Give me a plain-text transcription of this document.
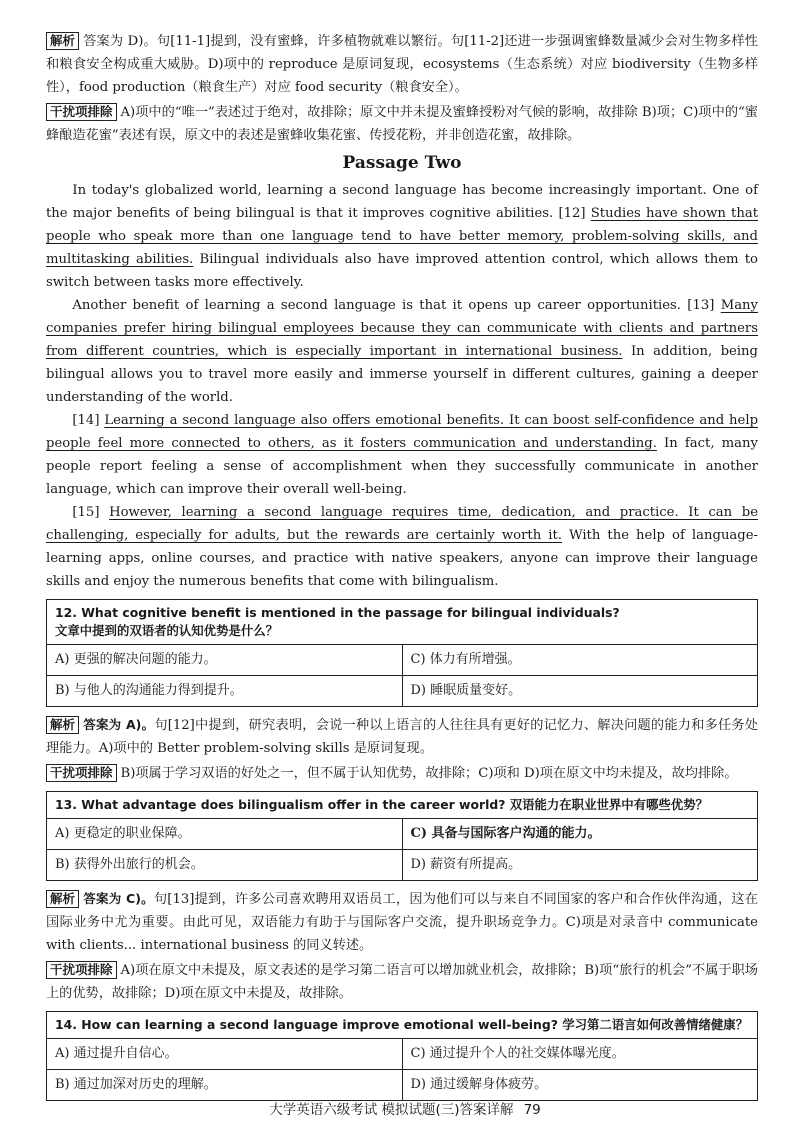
解析 答案为 D)。句[11-1]提到，没有蜜蜂，许多植物就难以繁衍。句[11-2]还进一步强调蜜蜂数量减少会对生物多样性和粮食安全构成重大威胁。D)项中的 reproduce 是原词复现，ecosystems（生态系统）对应 biodiversity（生物多样性），food production（粮食生产）对应 food security（粮食安全）。

干扰项排除 A)项中的“唯一”表述过于绝对，故排除；原文中并未提及蜜蜂授粉对气候的影响，故排除 B)项；C)项中的“蜜蜂酿造花蜜”表述有误，原文中的表述是蜜蜂收集花蜜、传授花粉，并非创造花蜜，故排除。

Passage Two

In today's globalized world, learning a second language has become increasingly important. One of the major benefits of being bilingual is that it improves cognitive abilities. [12] Studies have shown that people who speak more than one language tend to have better memory, problem-solving skills, and multitasking abilities. Bilingual individuals also have improved attention control, which allows them to switch between tasks more effectively.

Another benefit of learning a second language is that it opens up career opportunities. [13] Many companies prefer hiring bilingual employees because they can communicate with clients and partners from different countries, which is especially important in international business. In addition, being bilingual allows you to travel more easily and immerse yourself in different cultures, gaining a deeper understanding of the world.

[14] Learning a second language also offers emotional benefits. It can boost self-confidence and help people feel more connected to others, as it fosters communication and understanding. In fact, many people report feeling a sense of accomplishment when they successfully communicate in another language, which can improve their overall well-being.

[15] However, learning a second language requires time, dedication, and practice. It can be challenging, especially for adults, but the rewards are certainly worth it. With the help of language-learning apps, online courses, and practice with native speakers, anyone can improve their language skills and enjoy the numerous benefits that come with bilingualism.

12. What cognitive benefit is mentioned in the passage for bilingual individuals?
文章中提到的双语者的认知优势是什么？	

A) 更强的解决问题的能力。	C) 体力有所增强。
B) 与他人的沟通能力得到提升。	D) 睡眠质量变好。

解析 答案为 A)。句[12]中提到，研究表明，会说一种以上语言的人往往具有更好的记忆力、解决问题的能力和多任务处理能力。A)项中的 Better problem-solving skills 是原词复现。

干扰项排除 B)项属于学习双语的好处之一，但不属于认知优势，故排除；C)项和 D)项在原文中均未提及，故均排除。

13. What advantage does bilingualism offer in the career world? 双语能力在职业世界中有哪些优势？	
A) 更稳定的职业保障。	C) 具备与国际客户沟通的能力。
B) 获得外出旅行的机会。	D) 薪资有所提高。

解析 答案为 C)。句[13]提到，许多公司喜欢聘用双语员工，因为他们可以与来自不同国家的客户和合作伙伴沟通，这在国际业务中尤为重要。由此可见，双语能力有助于与国际客户交流，提升职场竞争力。C)项是对录音中 communicate with clients... international business 的同义转述。

干扰项排除 A)项在原文中未提及，原文表述的是学习第二语言可以增加就业机会，故排除；B)项“旅行的机会”不属于职场上的优势，故排除；D)项在原文中未提及，故排除。

14. How can learning a second language improve emotional well-being? 学习第二语言如何改善情绪健康？	
A) 通过提升自信心。	C) 通过提升个人的社交媒体曝光度。
B) 通过加深对历史的理解。	D) 通过缓解身体疲劳。
大学英语六级考试 模拟试题(三)答案详解 79
